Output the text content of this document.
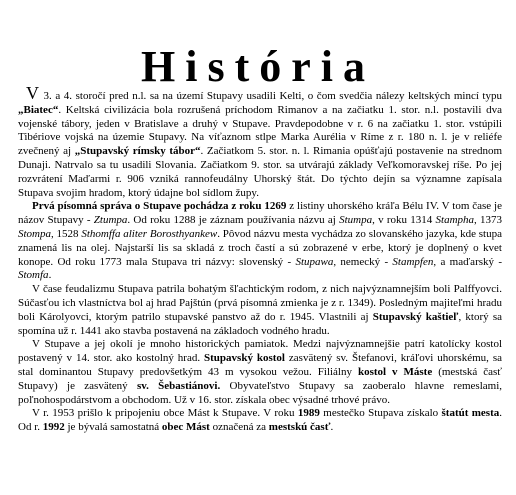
História

V 3. a 4. storočí pred n.l. sa na území Stupavy usadili Kelti, o čom svedčia nálezy keltských mincí typu „Biatec“. Keltská civilizácia bola rozrušená príchodom Rimanov a na začiatku 1. stor. n.l. postavili dva vojenské tábory, jeden v Bratislave a druhý v Stupave. Pravdepodobne v r. 6 na začiatku 1. stor. vstúpili Tibériove vojská na územie Stupavy. Na víťaznom stlpe Marka Aurélia v Ríme z r. 180 n. l. je v reliéfe zvečnený aj „Stupavský rímsky tábor“. Začiatkom 5. stor. n. l. Rimania opúšťajú postavenie na strednom Dunaji. Natrvalo sa tu usadili Slovania. Začiatkom 9. stor. sa utvárajú základy Veľkomoravskej ríše. Po jej rozvrátení Maďarmi r. 906 vzniká rannofeudálny Uhorský štát. Do týchto dejín sa významne zapísala Stupava svojim hradom, ktorý údajne bol sídlom župy.

Prvá písomná správa o Stupave pochádza z roku 1269 z listiny uhorského kráľa Bélu IV. V tom čase je názov Stupavy - Ztumpa. Od roku 1288 je záznam používania názvu aj Stumpa, v roku 1314 Stampha, 1373 Stompa, 1528 Sthomffa aliter Borosthyankew. Pôvod názvu mesta vychádza zo slovanského jazyka, kde stupa znamená lis na olej. Najstarší lis sa skladá z troch častí a sú zobrazené v erbe, ktorý je doplnený o kvet konope. Od roku 1773 mala Stupava tri názvy: slovenský - Stupawa, nemecký - Stampfen, a maďarský - Stomfa.

V čase feudalizmu Stupava patrila bohatým šľachtickým rodom, z nich najvýznamnejším boli Palffyovci. Súčasťou ich vlastníctva bol aj hrad Pajštún (prvá písomná zmienka je z r. 1349). Posledným majiteľmi hradu boli Károlyovci, ktorým patrilo stupavské panstvo až do r. 1945. Vlastnili aj Stupavský kaštieľ, ktorý sa spomína už r. 1441 ako stavba postavená na základoch vodného hradu.

V Stupave a jej okolí je mnoho historických pamiatok. Medzi najvýznamnejšie patrí katolícky kostol postavený v 14. stor. ako kostolný hrad. Stupavský kostol zasvätený sv. Štefanovi, kráľovi uhorskému, sa stal dominantou Stupavy predovšetkým 43 m vysokou vežou. Filiálny kostol v Máste (mestská časť Stupavy) je zasvätený sv. Šebastiánovi. Obyvateľstvo Stupavy sa zaoberalo hlavne remeslami, poľnohospodárstvom a obchodom. Už v 16. stor. získala obec výsadné trhové právo.

V r. 1953 prišlo k pripojeniu obce Mást k Stupave. V roku 1989 mestečko Stupava získalo štatút mesta. Od r. 1992 je bývalá samostatná obec Mást označená za mestskú časť.
